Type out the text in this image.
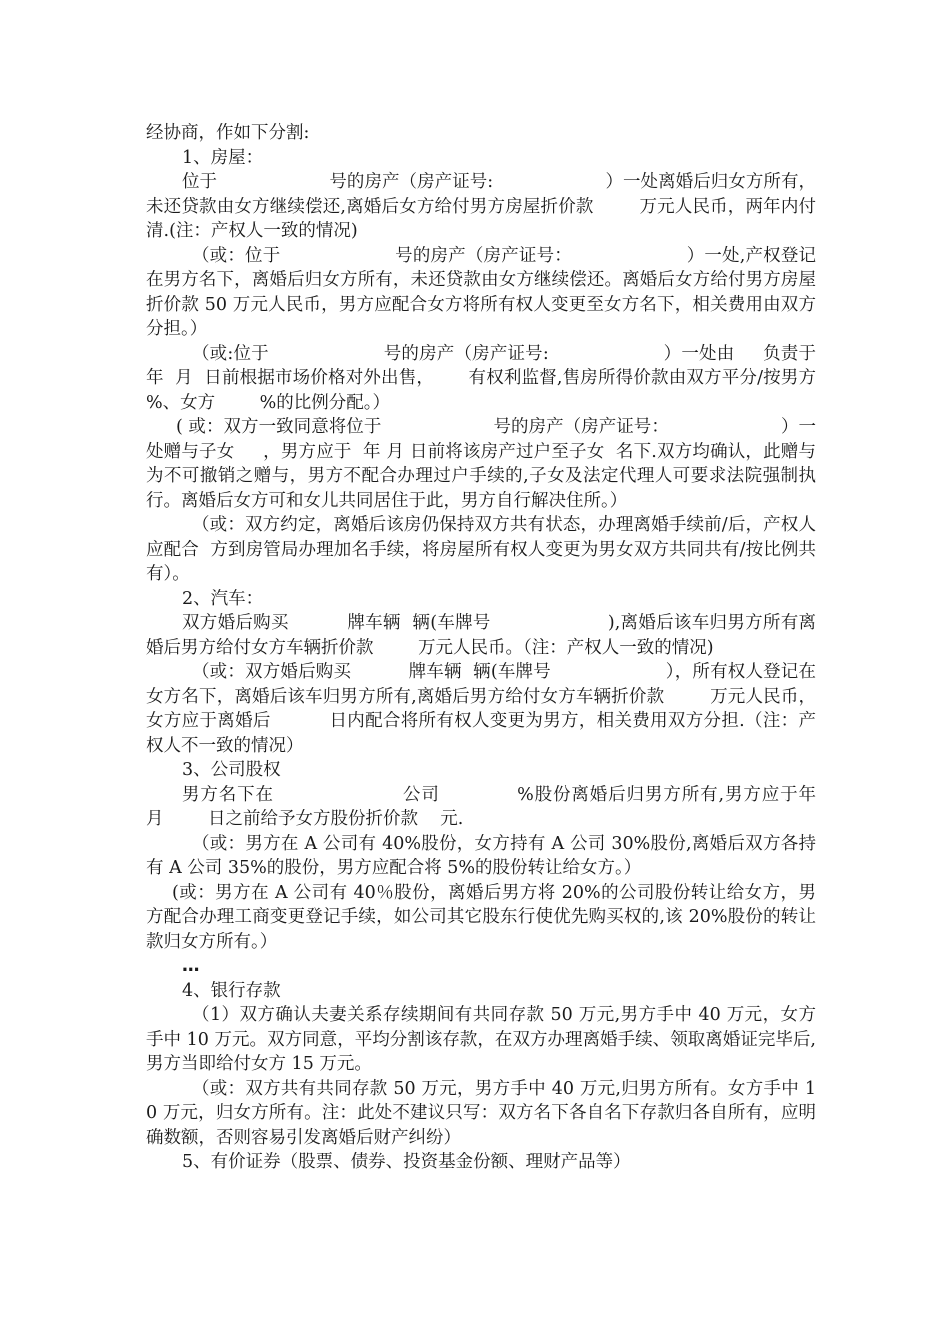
经协商，作如下分割:

1、房屋：

位于                    号的房产（房产证号:                    ）一处离婚后归女方所有，未还贷款由女方继续偿还,离婚后女方给付男方房屋折价款        万元人民币，两年内付清.(注：产权人一致的情况)

（或：位于                    号的房产（房产证号：                    ）一处,产权登记在男方名下，离婚后归女方所有，未还贷款由女方继续偿还。离婚后女方给付男方房屋折价款 50 万元人民币，男方应配合女方将所有权人变更至女方名下，相关费用由双方分担。）

（或:位于                    号的房产（房产证号:                    ）一处由     负责于年  月  日前根据市场价格对外出售，      有权利监督,售房所得价款由双方平分/按男方        %、女方        %的比例分配。）

( 或：双方一致同意将位于                    号的房产（房产证号：                    ）一处赠与子女     ，男方应于  年 月 日前将该房产过户至子女  名下.双方均确认，此赠与为不可撤销之赠与，男方不配合办理过户手续的,子女及法定代理人可要求法院强制执行。离婚后女方可和女儿共同居住于此，男方自行解决住所。）

（或：双方约定，离婚后该房仍保持双方共有状态，办理离婚手续前/后，产权人应配合  方到房管局办理加名手续，将房屋所有权人变更为男女双方共同共有/按比例共有）。

2、汽车：

双方婚后购买          牌车辆  辆(车牌号                    ),离婚后该车归男方所有离婚后男方给付女方车辆折价款        万元人民币。（注：产权人一致的情况)

（或：双方婚后购买          牌车辆  辆(车牌号                    ），所有权人登记在女方名下，离婚后该车归男方所有,离婚后男方给付女方车辆折价款        万元人民币，女方应于离婚后          日内配合将所有权人变更为男方，相关费用双方分担.（注：产权人不一致的情况）

3、公司股权

男方名下在                    公司            %股份离婚后归男方所有,男方应于年            月        日之前给予女方股份折价款    元.

（或：男方在 A 公司有 40%股份，女方持有 A 公司 30%股份,离婚后双方各持有 A 公司 35%的股份，男方应配合将 5%的股份转让给女方。）

(或：男方在 A 公司有 40％股份，离婚后男方将 20%的公司股份转让给女方，男方配合办理工商变更登记手续，如公司其它股东行使优先购买权的,该 20%股份的转让款归女方所有。）

…

4、银行存款

（1）双方确认夫妻关系存续期间有共同存款 50 万元,男方手中 40 万元，女方手中 10 万元。双方同意，平均分割该存款，在双方办理离婚手续、领取离婚证完毕后,男方当即给付女方 15 万元。

（或：双方共有共同存款 50 万元，男方手中 40 万元,归男方所有。女方手中 10 万元，归女方所有。注：此处不建议只写：双方名下各自名下存款归各自所有，应明确数额，否则容易引发离婚后财产纠纷）

5、有价证券（股票、债券、投资基金份额、理财产品等）
